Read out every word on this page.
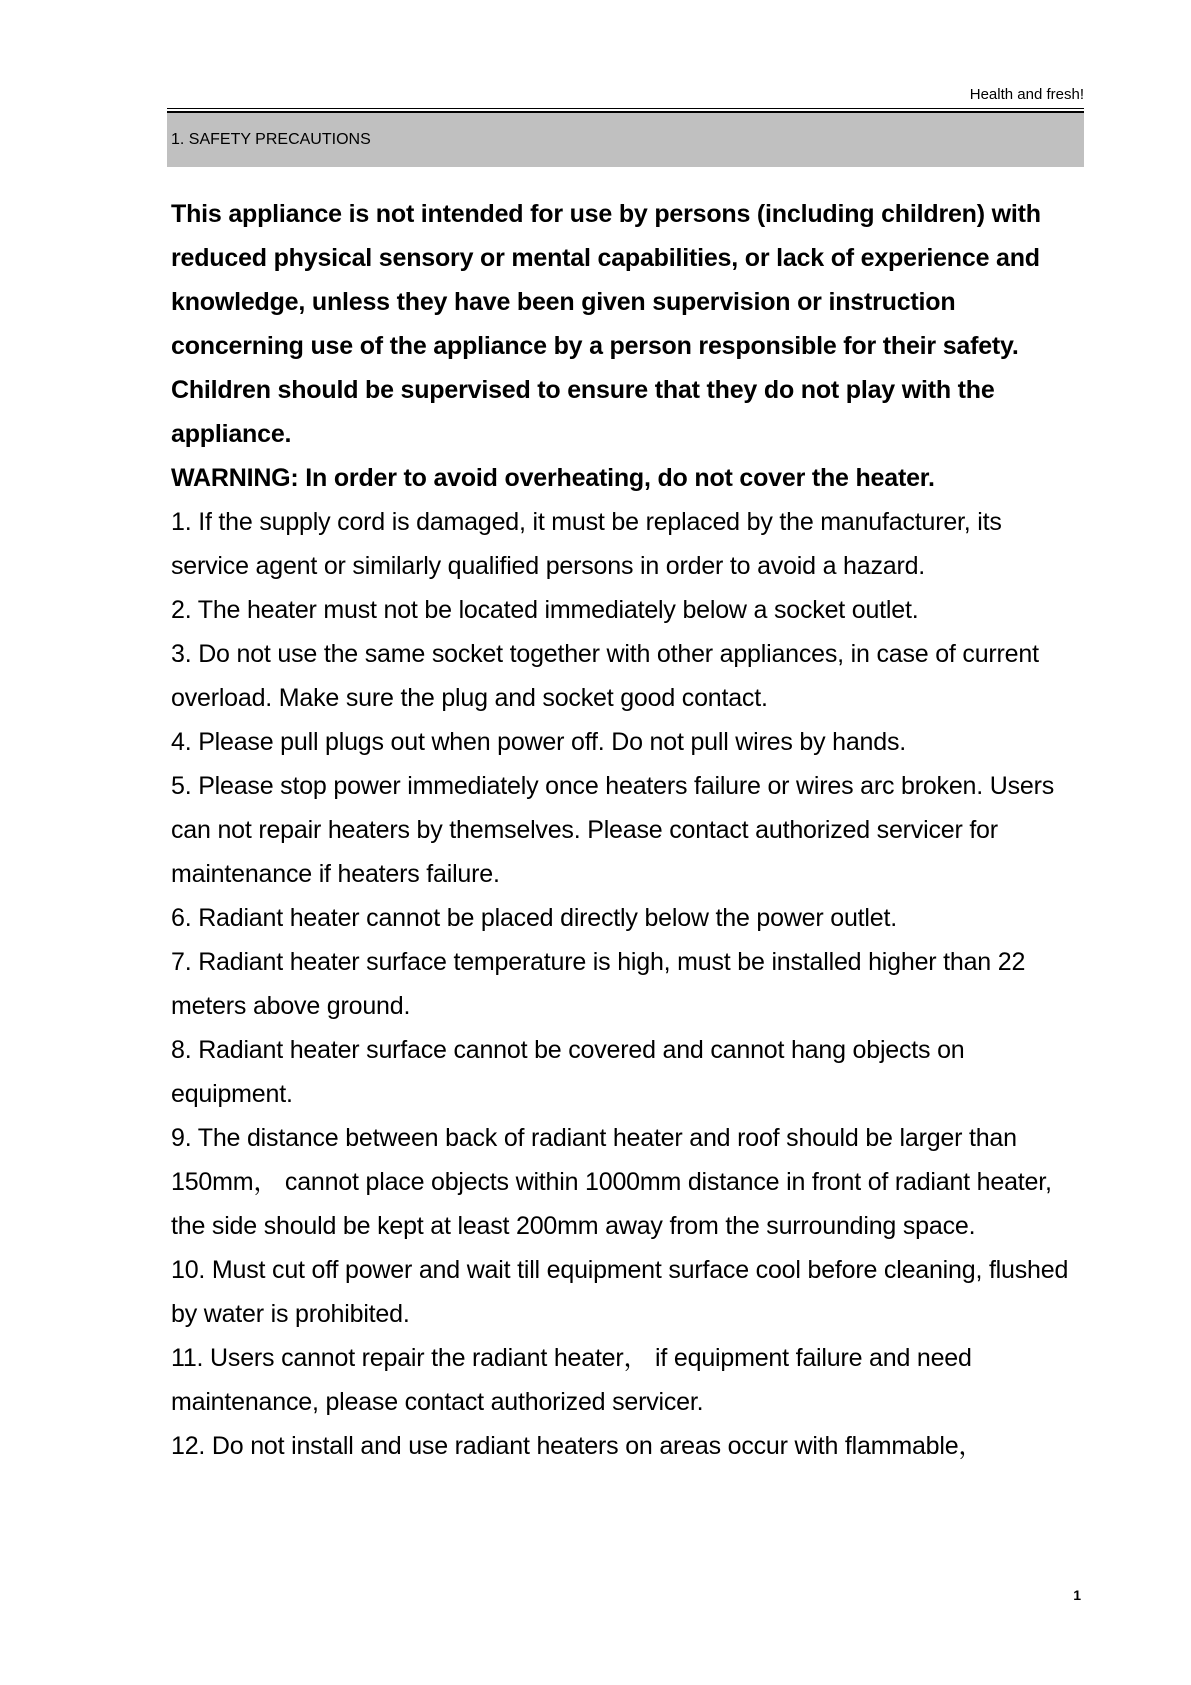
Health and fresh!
1. SAFETY PRECAUTIONS

This appliance is not intended for use by persons (including children) with reduced physical sensory or mental capabilities, or lack of experience and knowledge, unless they have been given supervision or instruction concerning use of the appliance by a person responsible for their safety.

Children should be supervised to ensure that they do not play with the appliance.

WARNING: In order to avoid overheating, do not cover the heater.

1. If the supply cord is damaged, it must be replaced by the manufacturer, its service agent or similarly qualified persons in order to avoid a hazard.

2. The heater must not be located immediately below a socket outlet.

3. Do not use the same socket together with other appliances, in case of current overload. Make sure the plug and socket good contact.

4. Please pull plugs out when power off. Do not pull wires by hands.

5. Please stop power immediately once heaters failure or wires arc broken. Users can not repair heaters by themselves. Please contact authorized servicer for maintenance if heaters failure.

6. Radiant heater cannot be placed directly below the power outlet.

7. Radiant heater surface temperature is high, must be installed higher than 22 meters above ground.

8. Radiant heater surface cannot be covered and cannot hang objects on equipment.

9. The distance between back of radiant heater and roof should be larger than 150mm， cannot place objects within 1000mm distance in front of radiant heater, the side should be kept at least 200mm away from the surrounding space.

10. Must cut off power and wait till equipment surface cool before cleaning, flushed by water is prohibited.

11. Users cannot repair the radiant heater， if equipment failure and need maintenance, please contact authorized servicer.

12. Do not install and use radiant heaters on areas occur with flammable，

1
